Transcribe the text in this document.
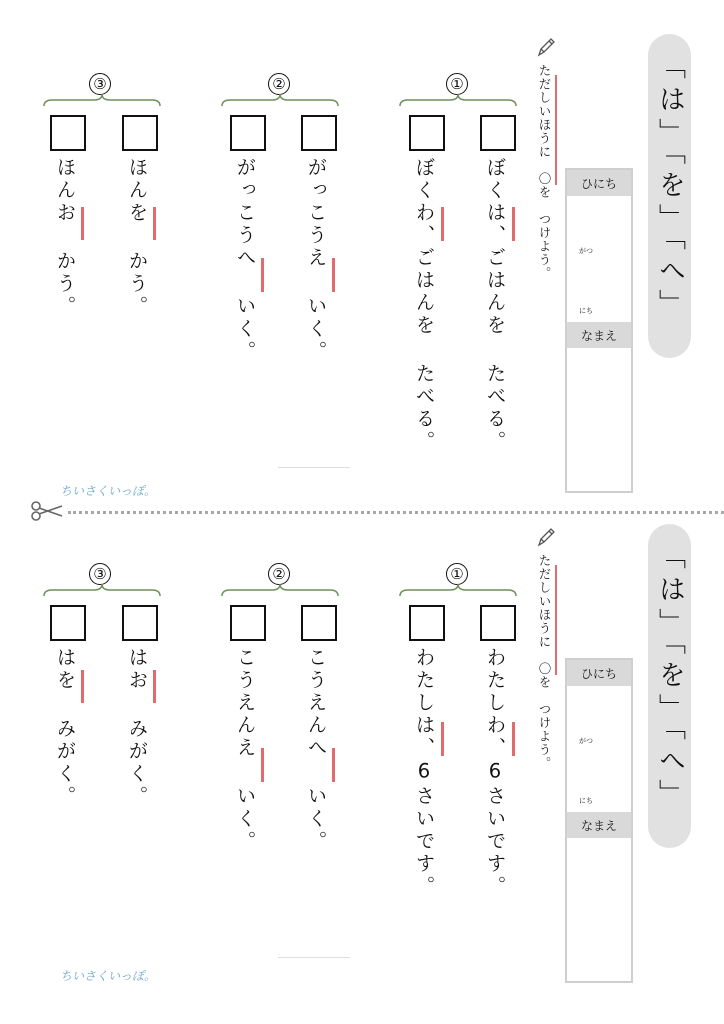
「は」「を」「へ」
ただしいほうに　〇を　つけよう。	ひにち
がつ
にち
なまえ
①
ぼくは、ごはんを たべる。
ぼくわ、ごはんを たべる。
②
がっこうえ いく。
がっこうへ いく。
③
ほんを かう。
ほんお かう。
ちいさくいっぽ。
「は」「を」「へ」
ただしいほうに　〇を　つけよう。	ひにち
がつ
にち
なまえ
①
わたしわ、6さいです。
わたしは、6さいです。
②
こうえんへ いく。
こうえんえ いく。
③
はお みがく。
はを みがく。
ちいさくいっぽ。
